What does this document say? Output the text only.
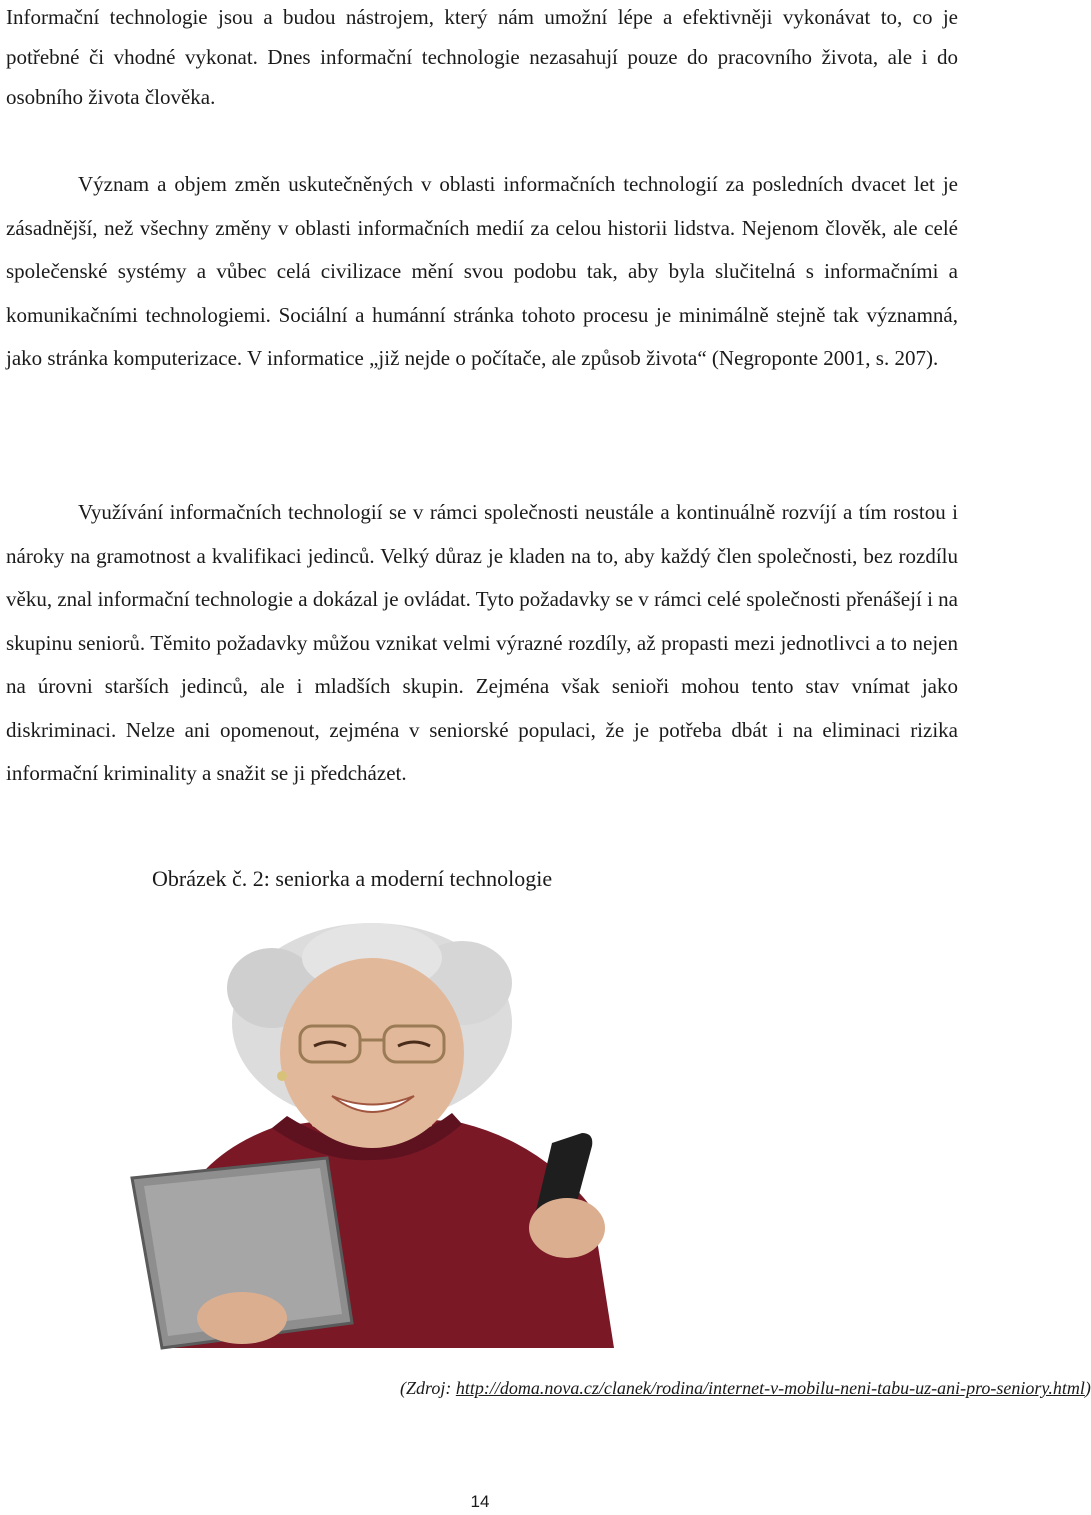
Informační technologie jsou a budou nástrojem, který nám umožní lépe a efektivněji vykonávat to, co je potřebné či vhodné vykonat. Dnes informační technologie nezasahují pouze do pracovního života, ale i do osobního života člověka.

Význam a objem změn uskutečněných v oblasti informačních technologií za posledních dvacet let je zásadnější, než všechny změny v oblasti informačních medií za celou historii lidstva. Nejenom člověk, ale celé společenské systémy a vůbec celá civilizace mění svou podobu tak, aby byla slučitelná s informačními a komunikačními technologiemi. Sociální a humánní stránka tohoto procesu je minimálně stejně tak významná, jako stránka komputerizace. V informatice „již nejde o počítače, ale způsob života“ (Negroponte 2001, s. 207).

Využívání informačních technologií se v rámci společnosti neustále a kontinuálně rozvíjí a tím rostou i nároky na gramotnost a kvalifikaci jedinců. Velký důraz je kladen na to, aby každý člen společnosti, bez rozdílu věku, znal informační technologie a dokázal je ovládat. Tyto požadavky se v rámci celé společnosti přenášejí i na skupinu seniorů. Těmito požadavky můžou vznikat velmi výrazné rozdíly, až propasti mezi jednotlivci a to nejen na úrovni starších jedinců, ale i mladších skupin. Zejména však senioři mohou tento stav vnímat jako diskriminaci. Nelze ani opomenout, zejména v seniorské populaci, že je potřeba dbát i na eliminaci rizika informační kriminality a snažit se ji předcházet.

Obrázek č. 2: seniorka a moderní technologie
(Zdroj: http://doma.nova.cz/clanek/rodina/internet-v-mobilu-neni-tabu-uz-ani-pro-seniory.html)
14
